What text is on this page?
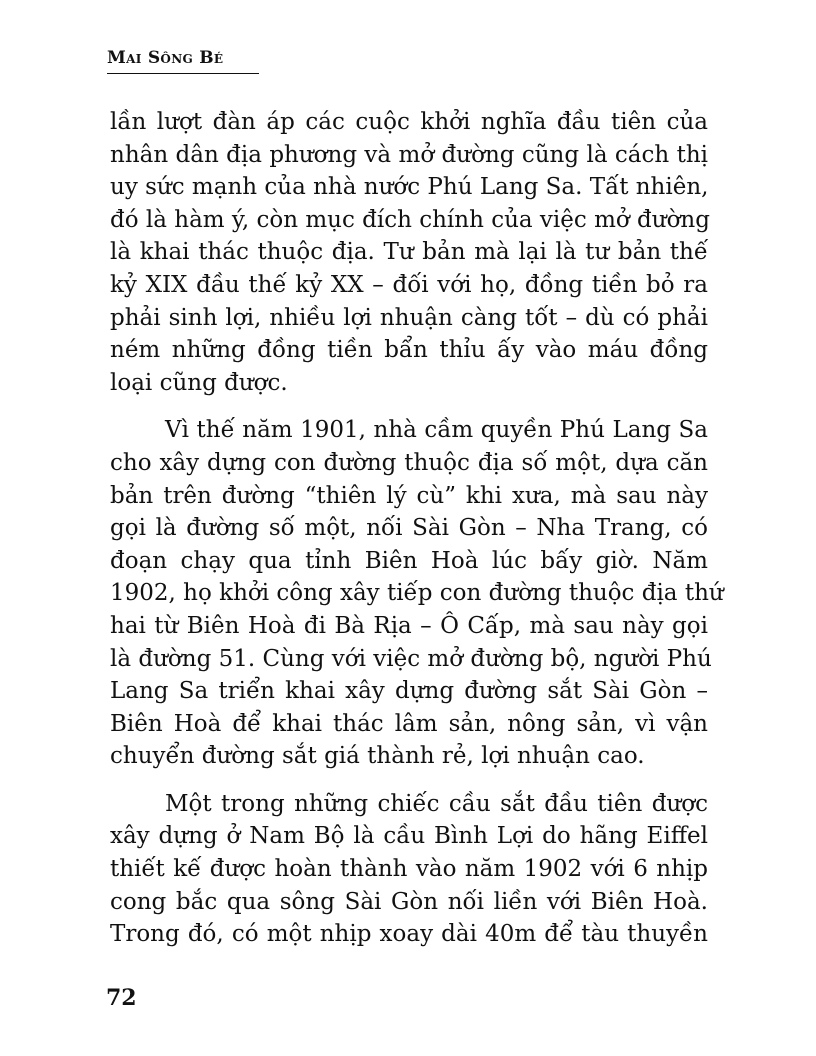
Mai Sông Bé
lần lượt đàn áp các cuộc khởi nghĩa đầu tiên của
nhân dân địa phương và mở đường cũng là cách thị
uy sức mạnh của nhà nước Phú Lang Sa. Tất nhiên,
đó là hàm ý, còn mục đích chính của việc mở đường
là khai thác thuộc địa. Tư bản mà lại là tư bản thế
kỷ XIX đầu thế kỷ XX – đối với họ, đồng tiền bỏ ra
phải sinh lợi, nhiều lợi nhuận càng tốt – dù có phải
ném những đồng tiền bẩn thỉu ấy vào máu đồng
loại cũng được.
Vì thế năm 1901, nhà cầm quyền Phú Lang Sa
cho xây dựng con đường thuộc địa số một, dựa căn
bản trên đường “thiên lý cù” khi xưa, mà sau này
gọi là đường số một, nối Sài Gòn – Nha Trang, có
đoạn chạy qua tỉnh Biên Hoà lúc bấy giờ. Năm
1902, họ khởi công xây tiếp con đường thuộc địa thứ
hai từ Biên Hoà đi Bà Rịa – Ô Cấp, mà sau này gọi
là đường 51. Cùng với việc mở đường bộ, người Phú
Lang Sa triển khai xây dựng đường sắt Sài Gòn –
Biên Hoà để khai thác lâm sản, nông sản, vì vận
chuyển đường sắt giá thành rẻ, lợi nhuận cao.
Một trong những chiếc cầu sắt đầu tiên được
xây dựng ở Nam Bộ là cầu Bình Lợi do hãng Eiffel
thiết kế được hoàn thành vào năm 1902 với 6 nhịp
cong bắc qua sông Sài Gòn nối liền với Biên Hoà.
Trong đó, có một nhịp xoay dài 40m để tàu thuyền
72
